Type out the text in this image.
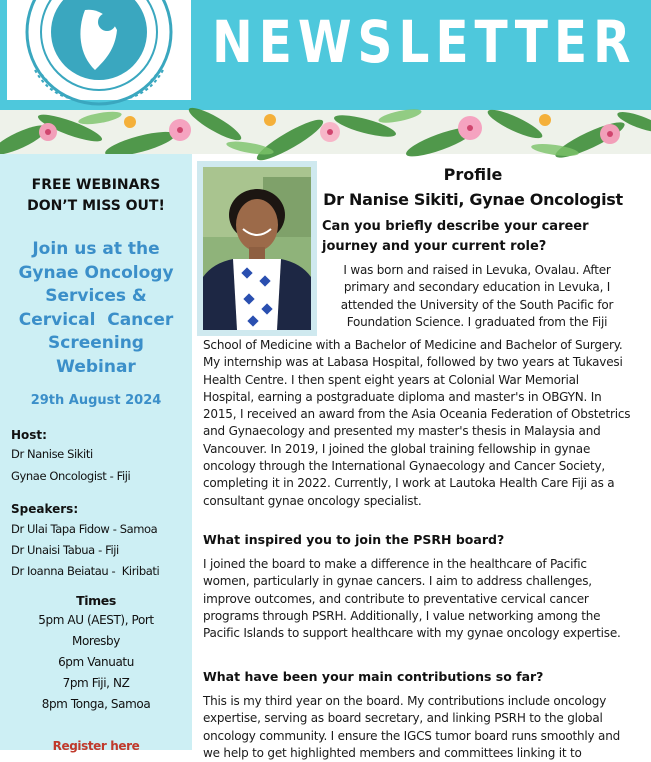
NEWSLETTER
FREE WEBINARS
DON’T MISS OUT!
Join us at the
Gynae Oncology
Services &
Cervical  Cancer
Screening
Webinar
29th August 2024
Host:
Dr Nanise Sikiti
Gynae Oncologist - Fiji
Speakers:
Dr Ulai Tapa Fidow - Samoa
Dr Unaisi Tabua - Fiji
Dr Ioanna Beiatau -  Kiribati
Times
5pm AU (AEST), Port
Moresby
6pm Vanuatu
7pm Fiji, NZ
8pm Tonga, Samoa
Register here
Profile
Dr Nanise Sikiti, Gynae Oncologist
Can you briefly describe your career journey and your current role?
I was born and raised in Levuka, Ovalau. After
primary and secondary education in Levuka, I
attended the University of the South Pacific for
Foundation Science. I graduated from the Fiji
School of Medicine with a Bachelor of Medicine and Bachelor of Surgery. My internship was at Labasa Hospital, followed by two years at Tukavesi Health Centre. I then spent eight years at Colonial War Memorial Hospital, earning a postgraduate diploma and master's in OBGYN. In 2015, I received an award from the Asia Oceania Federation of Obstetrics and Gynaecology and presented my master's thesis in Malaysia and Vancouver. In 2019, I joined the global training fellowship in gynae oncology through the International Gynaecology and Cancer Society, completing it in 2022. Currently, I work at Lautoka Health Care Fiji as a consultant gynae oncology specialist.
What inspired you to join the PSRH board?
I joined the board to make a difference in the healthcare of Pacific women, particularly in gynae cancers. I aim to address challenges, improve outcomes, and contribute to preventative cervical cancer programs through PSRH. Additionally, I value networking among the Pacific Islands to support healthcare with my gynae oncology expertise.
What have been your main contributions so far?
This is my third year on the board. My contributions include oncology expertise, serving as board secretary, and linking PSRH to the global oncology community. I ensure the IGCS tumor board runs smoothly and we help to get highlighted members and committees linking it to
